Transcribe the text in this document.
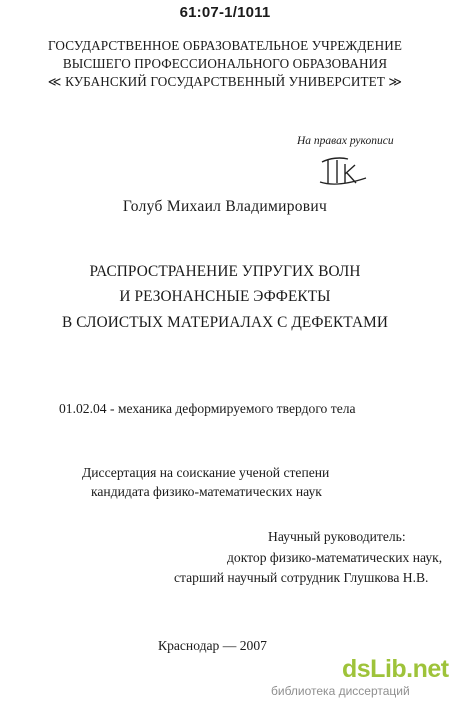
61:07-1/1011
ГОСУДАРСТВЕННОЕ ОБРАЗОВАТЕЛЬНОЕ УЧРЕЖДЕНИЕ
ВЫСШЕГО ПРОФЕССИОНАЛЬНОГО ОБРАЗОВАНИЯ
≪ КУБАНСКИЙ ГОСУДАРСТВЕННЫЙ УНИВЕРСИТЕТ ≫
На правах рукописи
Голуб Михаил Владимирович
РАСПРОСТРАНЕНИЕ УПРУГИХ ВОЛН
И РЕЗОНАНСНЫЕ ЭФФЕКТЫ
В СЛОИСТЫХ МАТЕРИАЛАХ С ДЕФЕКТАМИ
01.02.04 - механика деформируемого твердого тела
Диссертация на соискание ученой степени
кандидата физико-математических наук
Научный руководитель:
доктор физико-математических наук,
старший научный сотрудник Глушкова Н.В.
Краснодар — 2007
dsLib.net
библиотека диссертаций
